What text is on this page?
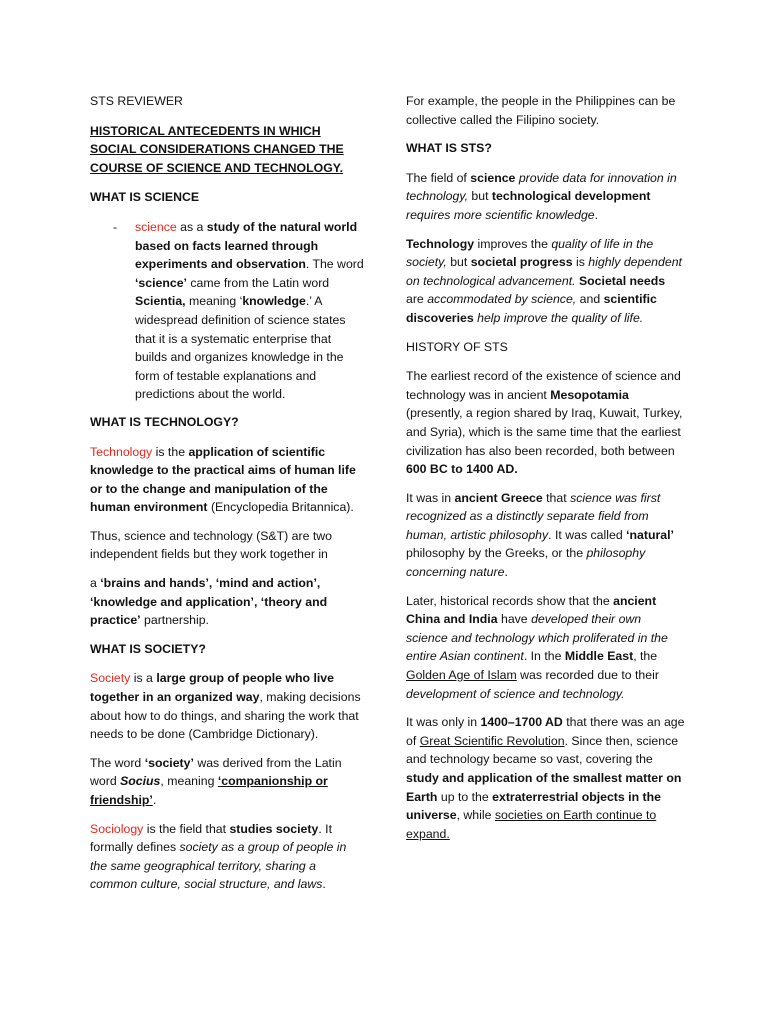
STS REVIEWER

HISTORICAL ANTECEDENTS IN WHICH SOCIAL CONSIDERATIONS CHANGED THE COURSE OF SCIENCE AND TECHNOLOGY.

WHAT IS SCIENCE

- science as a study of the natural world based on facts learned through experiments and observation. The word ‘science’ came from the Latin word Scientia, meaning ‘knowledge.’ A widespread definition of science states that it is a systematic enterprise that builds and organizes knowledge in the form of testable explanations and predictions about the world.

WHAT IS TECHNOLOGY?

Technology is the application of scientific knowledge to the practical aims of human life or to the change and manipulation of the human environment (Encyclopedia Britannica).

Thus, science and technology (S&T) are two independent fields but they work together in

a ‘brains and hands’, ‘mind and action’, ‘knowledge and application’, ‘theory and practice’ partnership.

WHAT IS SOCIETY?

Society is a large group of people who live together in an organized way, making decisions about how to do things, and sharing the work that needs to be done (Cambridge Dictionary).

The word ‘society’ was derived from the Latin word Socius, meaning ‘companionship or friendship’.

Sociology is the field that studies society. It formally defines society as a group of people in the same geographical territory, sharing a common culture, social structure, and laws.

For example, the people in the Philippines can be collective called the Filipino society.

WHAT IS STS?

The field of science provide data for innovation in technology, but technological development requires more scientific knowledge.

Technology improves the quality of life in the society, but societal progress is highly dependent on technological advancement. Societal needs are accommodated by science, and scientific discoveries help improve the quality of life.

HISTORY OF STS

The earliest record of the existence of science and technology was in ancient Mesopotamia (presently, a region shared by Iraq, Kuwait, Turkey, and Syria), which is the same time that the earliest civilization has also been recorded, both between 600 BC to 1400 AD.

It was in ancient Greece that science was first recognized as a distinctly separate field from human, artistic philosophy. It was called ‘natural’ philosophy by the Greeks, or the philosophy concerning nature.

Later, historical records show that the ancient China and India have developed their own science and technology which proliferated in the entire Asian continent. In the Middle East, the Golden Age of Islam was recorded due to their development of science and technology.

It was only in 1400–1700 AD that there was an age of Great Scientific Revolution. Since then, science and technology became so vast, covering the study and application of the smallest matter on Earth up to the extraterrestrial objects in the universe, while societies on Earth continue to expand.
